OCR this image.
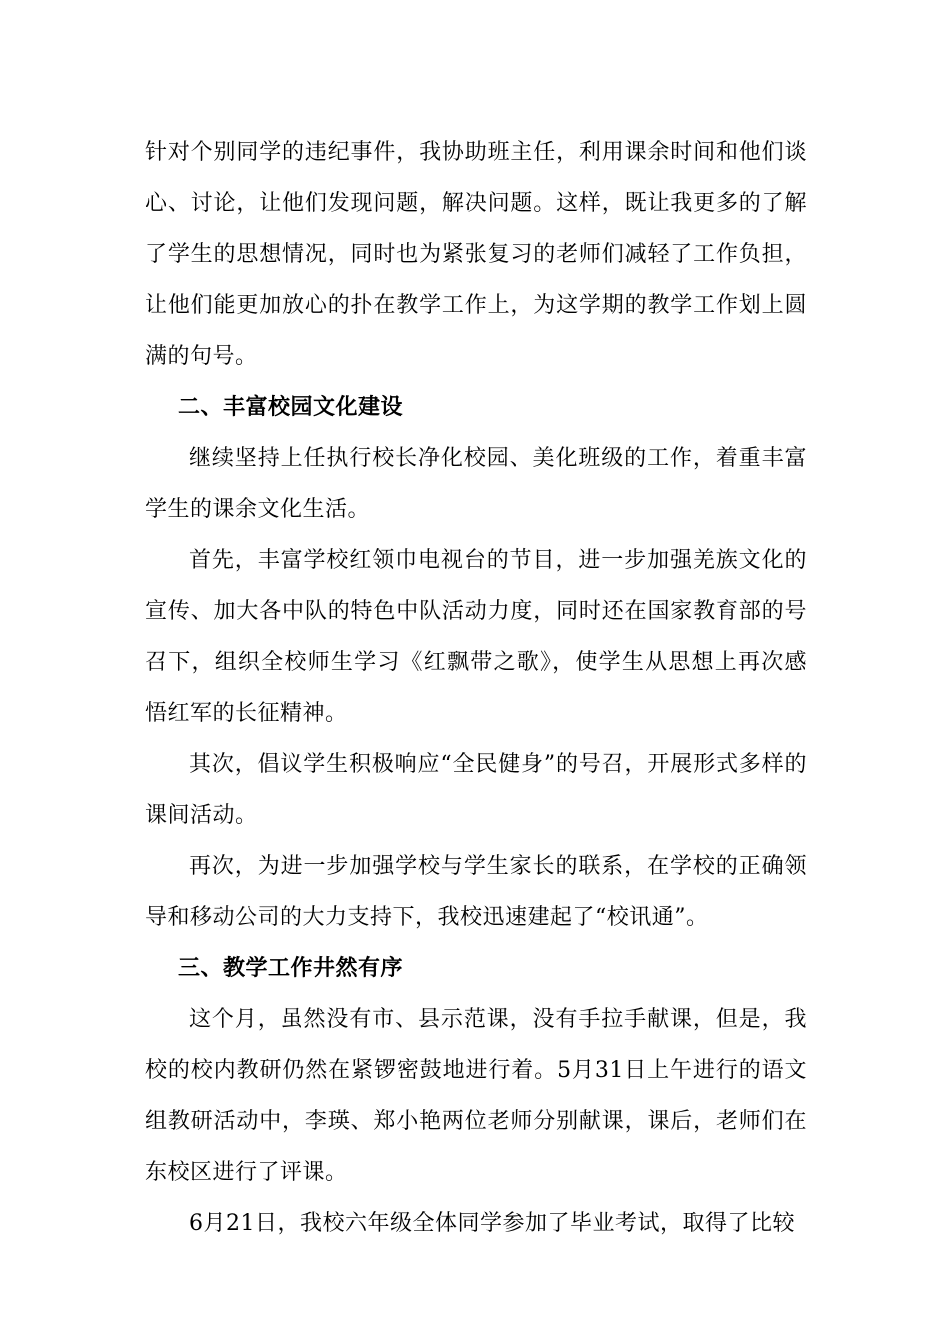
针对个别同学的违纪事件，我协助班主任，利用课余时间和他们谈心、讨论，让他们发现问题，解决问题。这样，既让我更多的了解了学生的思想情况，同时也为紧张复习的老师们减轻了工作负担，让他们能更加放心的扑在教学工作上，为这学期的教学工作划上圆满的句号。

二、丰富校园文化建设

继续坚持上任执行校长净化校园、美化班级的工作，着重丰富学生的课余文化生活。

首先，丰富学校红领巾电视台的节目，进一步加强羌族文化的宣传、加大各中队的特色中队活动力度，同时还在国家教育部的号召下，组织全校师生学习《红飘带之歌》，使学生从思想上再次感悟红军的长征精神。

其次，倡议学生积极响应“全民健身”的号召，开展形式多样的课间活动。

再次，为进一步加强学校与学生家长的联系，在学校的正确领导和移动公司的大力支持下，我校迅速建起了“校讯通”。

三、教学工作井然有序

这个月，虽然没有市、县示范课，没有手拉手献课，但是，我校的校内教研仍然在紧锣密鼓地进行着。5月31日上午进行的语文组教研活动中，李瑛、郑小艳两位老师分别献课，课后，老师们在东校区进行了评课。

6月21日，我校六年级全体同学参加了毕业考试，取得了比较
